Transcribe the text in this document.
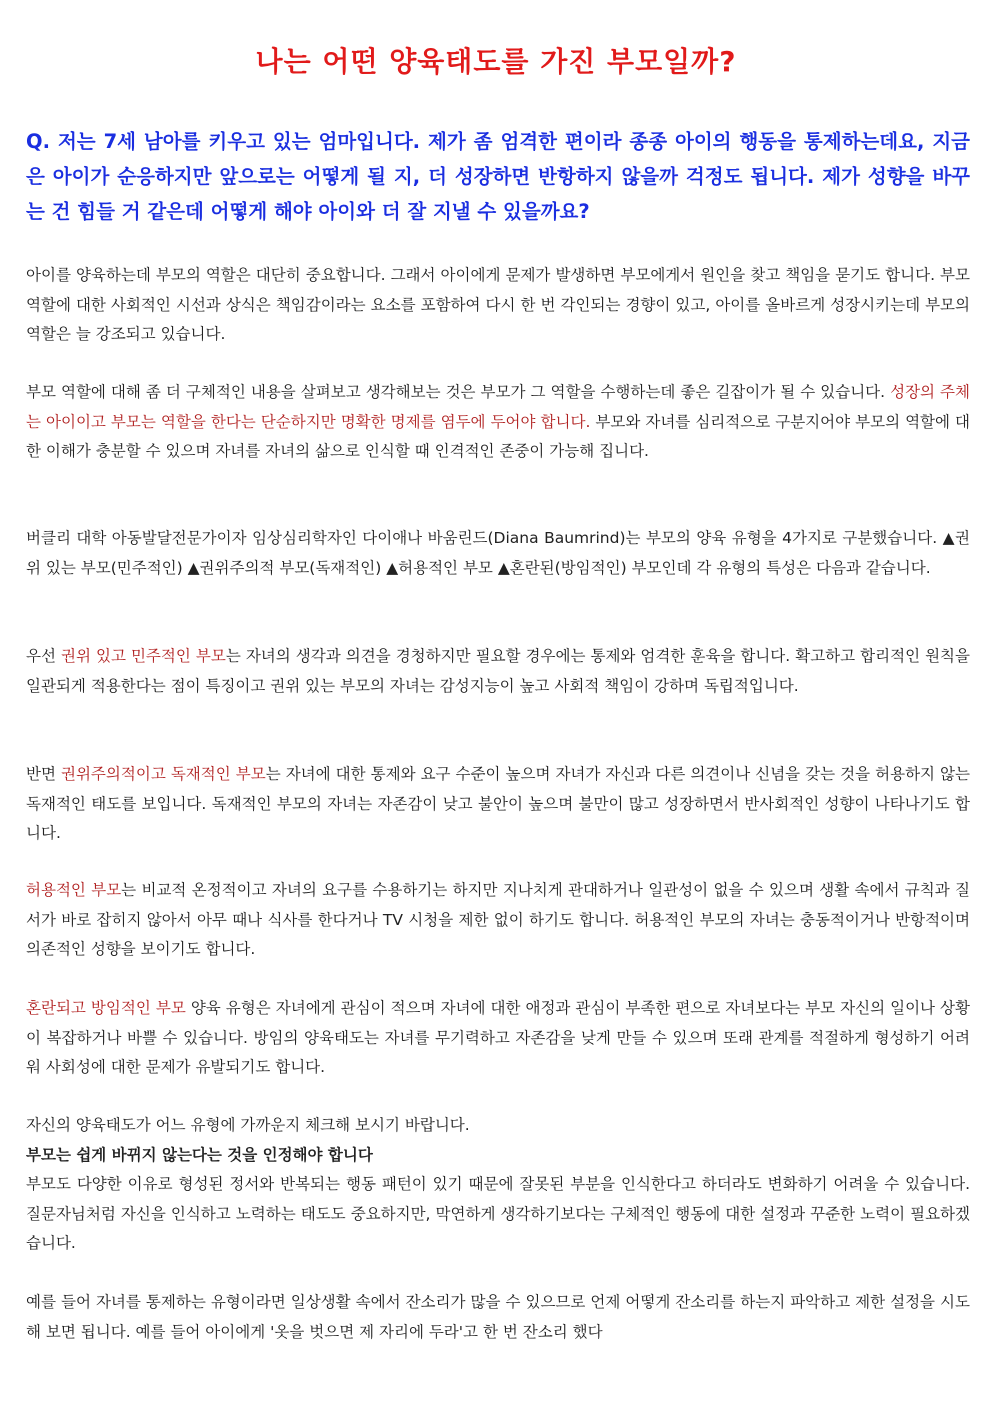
나는 어떤 양육태도를 가진 부모일까?

Q. 저는 7세 남아를 키우고 있는 엄마입니다. 제가 좀 엄격한 편이라 종종 아이의 행동을 통제하는데요, 지금은 아이가 순응하지만 앞으로는 어떻게 될 지, 더 성장하면 반항하지 않을까 걱정도 됩니다. 제가 성향을 바꾸는 건 힘들 거 같은데 어떻게 해야 아이와 더 잘 지낼 수 있을까요?

아이를 양육하는데 부모의 역할은 대단히 중요합니다. 그래서 아이에게 문제가 발생하면 부모에게서 원인을 찾고 책임을 묻기도 합니다. 부모 역할에 대한 사회적인 시선과 상식은 책임감이라는 요소를 포함하여 다시 한 번 각인되는 경향이 있고, 아이를 올바르게 성장시키는데 부모의 역할은 늘 강조되고 있습니다.

부모 역할에 대해 좀 더 구체적인 내용을 살펴보고 생각해보는 것은 부모가 그 역할을 수행하는데 좋은 길잡이가 될 수 있습니다. 성장의 주체는 아이이고 부모는 역할을 한다는 단순하지만 명확한 명제를 염두에 두어야 합니다. 부모와 자녀를 심리적으로 구분지어야 부모의 역할에 대한 이해가 충분할 수 있으며 자녀를 자녀의 삶으로 인식할 때 인격적인 존중이 가능해 집니다.

버클리 대학 아동발달전문가이자 임상심리학자인 다이애나 바움린드(Diana Baumrind)는 부모의 양육 유형을 4가지로 구분했습니다. ▲권위 있는 부모(민주적인) ▲권위주의적 부모(독재적인) ▲허용적인 부모 ▲혼란된(방임적인) 부모인데 각 유형의 특성은 다음과 같습니다.

우선 권위 있고 민주적인 부모는 자녀의 생각과 의견을 경청하지만 필요할 경우에는 통제와 엄격한 훈육을 합니다. 확고하고 합리적인 원칙을 일관되게 적용한다는 점이 특징이고 권위 있는 부모의 자녀는 감성지능이 높고 사회적 책임이 강하며 독립적입니다.

반면 권위주의적이고 독재적인 부모는 자녀에 대한 통제와 요구 수준이 높으며 자녀가 자신과 다른 의견이나 신념을 갖는 것을 허용하지 않는 독재적인 태도를 보입니다. 독재적인 부모의 자녀는 자존감이 낮고 불안이 높으며 불만이 많고 성장하면서 반사회적인 성향이 나타나기도 합니다.

허용적인 부모는 비교적 온정적이고 자녀의 요구를 수용하기는 하지만 지나치게 관대하거나 일관성이 없을 수 있으며 생활 속에서 규칙과 질서가 바로 잡히지 않아서 아무 때나 식사를 한다거나 TV 시청을 제한 없이 하기도 합니다. 허용적인 부모의 자녀는 충동적이거나 반항적이며 의존적인 성향을 보이기도 합니다.

혼란되고 방임적인 부모 양육 유형은 자녀에게 관심이 적으며 자녀에 대한 애정과 관심이 부족한 편으로 자녀보다는 부모 자신의 일이나 상황이 복잡하거나 바쁠 수 있습니다. 방임의 양육태도는 자녀를 무기력하고 자존감을 낮게 만들 수 있으며 또래 관계를 적절하게 형성하기 어려워 사회성에 대한 문제가 유발되기도 합니다.

자신의 양육태도가 어느 유형에 가까운지 체크해 보시기 바랍니다.
부모는 쉽게 바뀌지 않는다는 것을 인정해야 합니다
부모도 다양한 이유로 형성된 정서와 반복되는 행동 패턴이 있기 때문에 잘못된 부분을 인식한다고 하더라도 변화하기 어려울 수 있습니다. 질문자님처럼 자신을 인식하고 노력하는 태도도 중요하지만, 막연하게 생각하기보다는 구체적인 행동에 대한 설정과 꾸준한 노력이 필요하겠습니다.

예를 들어 자녀를 통제하는 유형이라면 일상생활 속에서 잔소리가 많을 수 있으므로 언제 어떻게 잔소리를 하는지 파악하고 제한 설정을 시도해 보면 됩니다. 예를 들어 아이에게 '옷을 벗으면 제 자리에 두라'고 한 번 잔소리 했다
